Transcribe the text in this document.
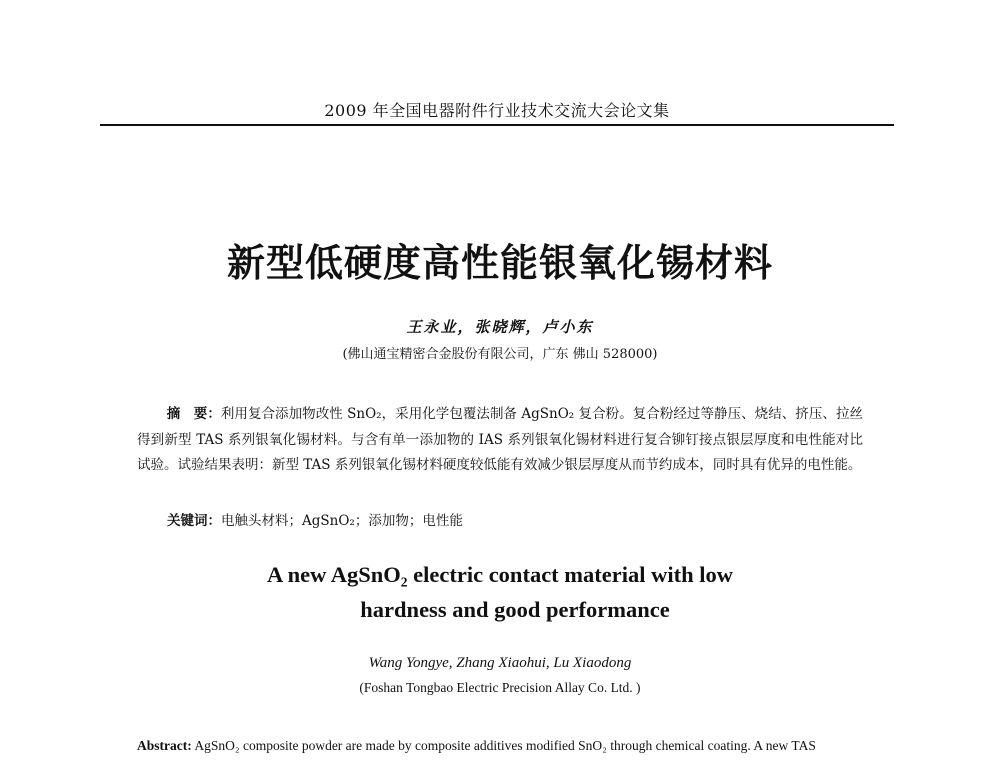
2009 年全国电器附件行业技术交流大会论文集
新型低硬度高性能银氧化锡材料
王永业，张晓辉，卢小东
(佛山通宝精密合金股份有限公司，广东 佛山 528000)
摘　要：利用复合添加物改性 SnO₂，采用化学包覆法制备 AgSnO₂ 复合粉。复合粉经过等静压、烧结、挤压、拉丝得到新型 TAS 系列银氧化锡材料。与含有单一添加物的 IAS 系列银氧化锡材料进行复合铆钉接点银层厚度和电性能对比试验。试验结果表明：新型 TAS 系列银氧化锡材料硬度较低能有效减少银层厚度从而节约成本，同时具有优异的电性能。
关键词：电触头材料；AgSnO₂；添加物；电性能
A new AgSnO₂ electric contact material with low
hardness and good performance
Wang Yongye, Zhang Xiaohui, Lu Xiaodong
(Foshan Tongbao Electric Precision Allay Co. Ltd. )
Abstract: AgSnO₂ composite powder are made by composite additives modified SnO₂ through chemical coating. A new TAS
